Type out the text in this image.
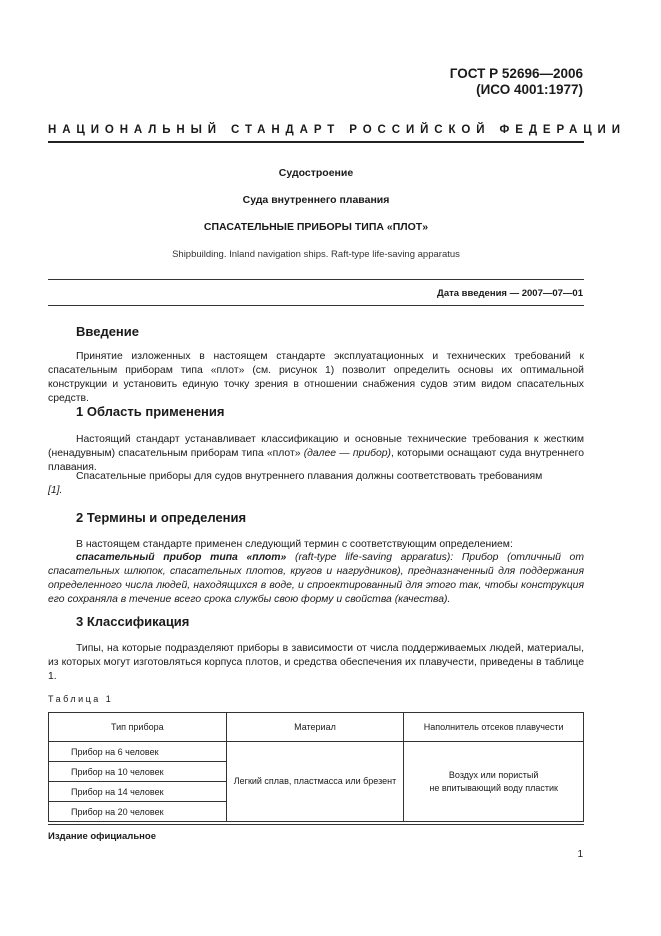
ГОСТ Р 52696—2006
(ИСО 4001:1977)
НАЦИОНАЛЬНЫЙ СТАНДАРТ РОССИЙСКОЙ ФЕДЕРАЦИИ
Судостроение
Суда внутреннего плавания
СПАСАТЕЛЬНЫЕ ПРИБОРЫ ТИПА «ПЛОТ»
Shipbuilding. Inland navigation ships. Raft-type life-saving apparatus
Дата введения — 2007—07—01
Введение

Принятие изложенных в настоящем стандарте эксплуатационных и технических требований к спасательным приборам типа «плот» (см. рисунок 1) позволит определить основы их оптимальной конструкции и установить единую точку зрения в отношении снабжения судов этим видом спасательных средств.

1 Область применения

Настоящий стандарт устанавливает классификацию и основные технические требования к жестким (ненадувным) спасательным приборам типа «плот» (далее — прибор), которыми оснащают суда внутреннего плавания.

Спасательные приборы для судов внутреннего плавания должны соответствовать требованиям
[1].

2 Термины и определения

В настоящем стандарте применен следующий термин с соответствующим определением:

спасательный прибор типа «плот» (raft-type life-saving apparatus): Прибор (отличный от спасательных шлюпок, спасательных плотов, кругов и нагрудников), предназначенный для поддержания определенного числа людей, находящихся в воде, и спроектированный для этого так, чтобы конструкция его сохраняла в течение всего срока службы свою форму и свойства (качества).

3 Классификация

Типы, на которые подразделяют приборы в зависимости от числа поддерживаемых людей, материалы, из которых могут изготовляться корпуса плотов, и средства обеспечения их плавучести, приведены в таблице 1.

Таблица 1
Тип прибора	Материал	Наполнитель отсеков плавучести
Прибор на 6 человек	Легкий сплав, пластмасса или брезент	Воздух или пористый
не впитывающий воду пластик
Прибор на 10 человек		
Прибор на 14 человек		
Прибор на 20 человек		
Издание официальное
1
